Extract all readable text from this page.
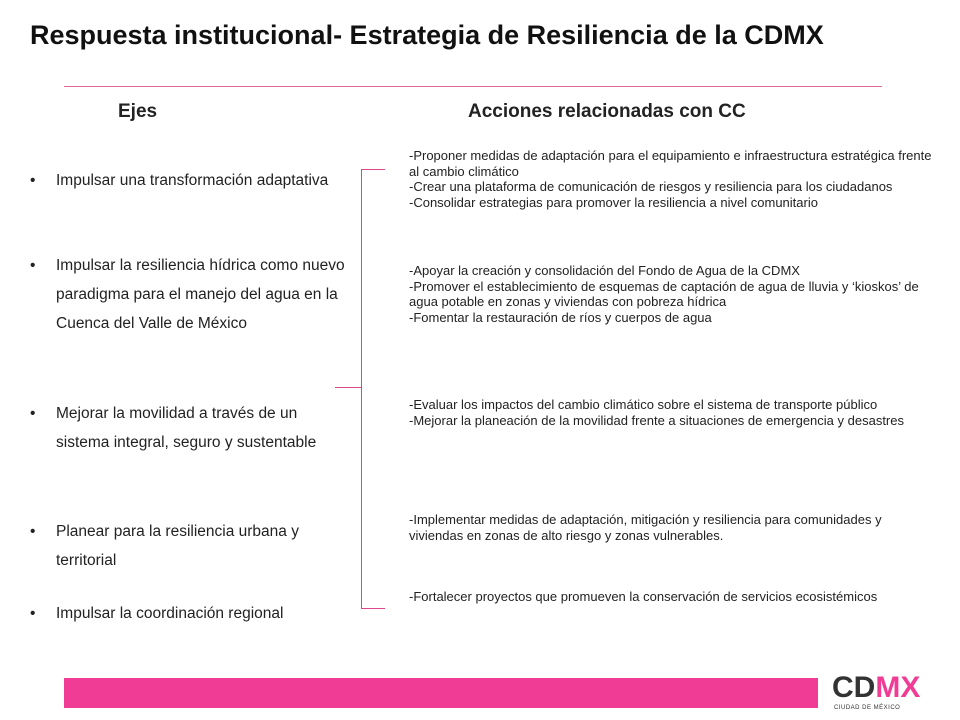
Respuesta institucional- Estrategia de Resiliencia de la CDMX
Ejes	Acciones relacionadas con CC
• Impulsar una transformación adaptativa
• Impulsar la resiliencia hídrica como nuevo paradigma para el manejo del agua en la Cuenca del Valle de México
• Mejorar la movilidad a través de un sistema integral, seguro y sustentable
• Planear para la resiliencia urbana y territorial
• Impulsar la coordinación regional

-Proponer medidas de adaptación para el equipamiento e infraestructura estratégica frente al cambio climático

-Crear una plataforma de comunicación de riesgos y resiliencia para los ciudadanos

-Consolidar estrategias para promover la resiliencia a nivel comunitario

-Apoyar la creación y consolidación del Fondo de Agua de la CDMX

-Promover el establecimiento de esquemas de captación de agua de lluvia y ‘kioskos’ de agua potable en zonas y viviendas con pobreza hídrica

-Fomentar la restauración de ríos y cuerpos de agua

-Evaluar los impactos del cambio climático sobre el sistema de transporte público

-Mejorar la planeación de la movilidad frente a situaciones de emergencia y desastres

-Implementar medidas de adaptación, mitigación y resiliencia para comunidades y viviendas en zonas de alto riesgo y zonas vulnerables.

-Fortalecer proyectos que promueven la conservación de servicios ecosistémicos

CDMX
CIUDAD DE MÉXICO
